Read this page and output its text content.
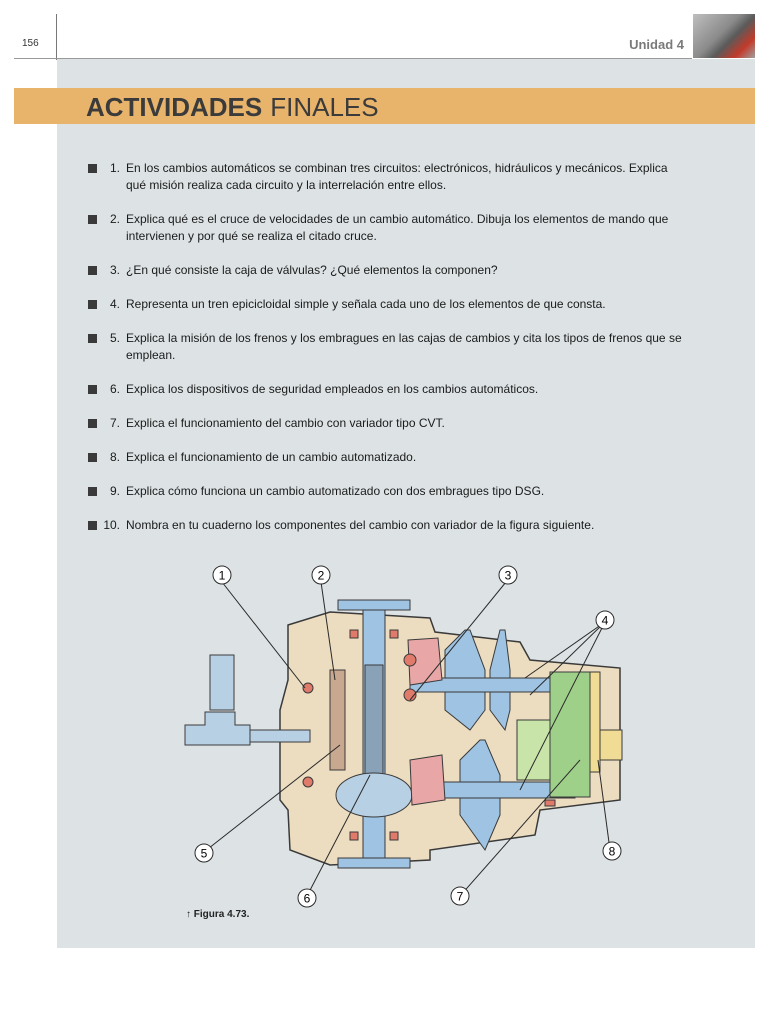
156	Unidad 4
ACTIVIDADES FINALES
1. En los cambios automáticos se combinan tres circuitos: electrónicos, hidráulicos y mecánicos. Explica qué misión realiza cada circuito y la interrelación entre ellos.
2. Explica qué es el cruce de velocidades de un cambio automático. Dibuja los elementos de mando que intervienen y por qué se realiza el citado cruce.
3. ¿En qué consiste la caja de válvulas? ¿Qué elementos la componen?
4. Representa un tren epicicloidal simple y señala cada uno de los elementos de que consta.
5. Explica la misión de los frenos y los embragues en las cajas de cambios y cita los tipos de frenos que se emplean.
6. Explica los dispositivos de seguridad empleados en los cambios automáticos.
7. Explica el funcionamiento del cambio con variador tipo CVT.
8. Explica el funcionamiento de un cambio automatizado.
9. Explica cómo funciona un cambio automatizado con dos embragues tipo DSG.
10. Nombra en tu cuaderno los componentes del cambio con variador de la figura siguiente.
1	2	3
4
5
6	7
8
↑ Figura 4.73.
